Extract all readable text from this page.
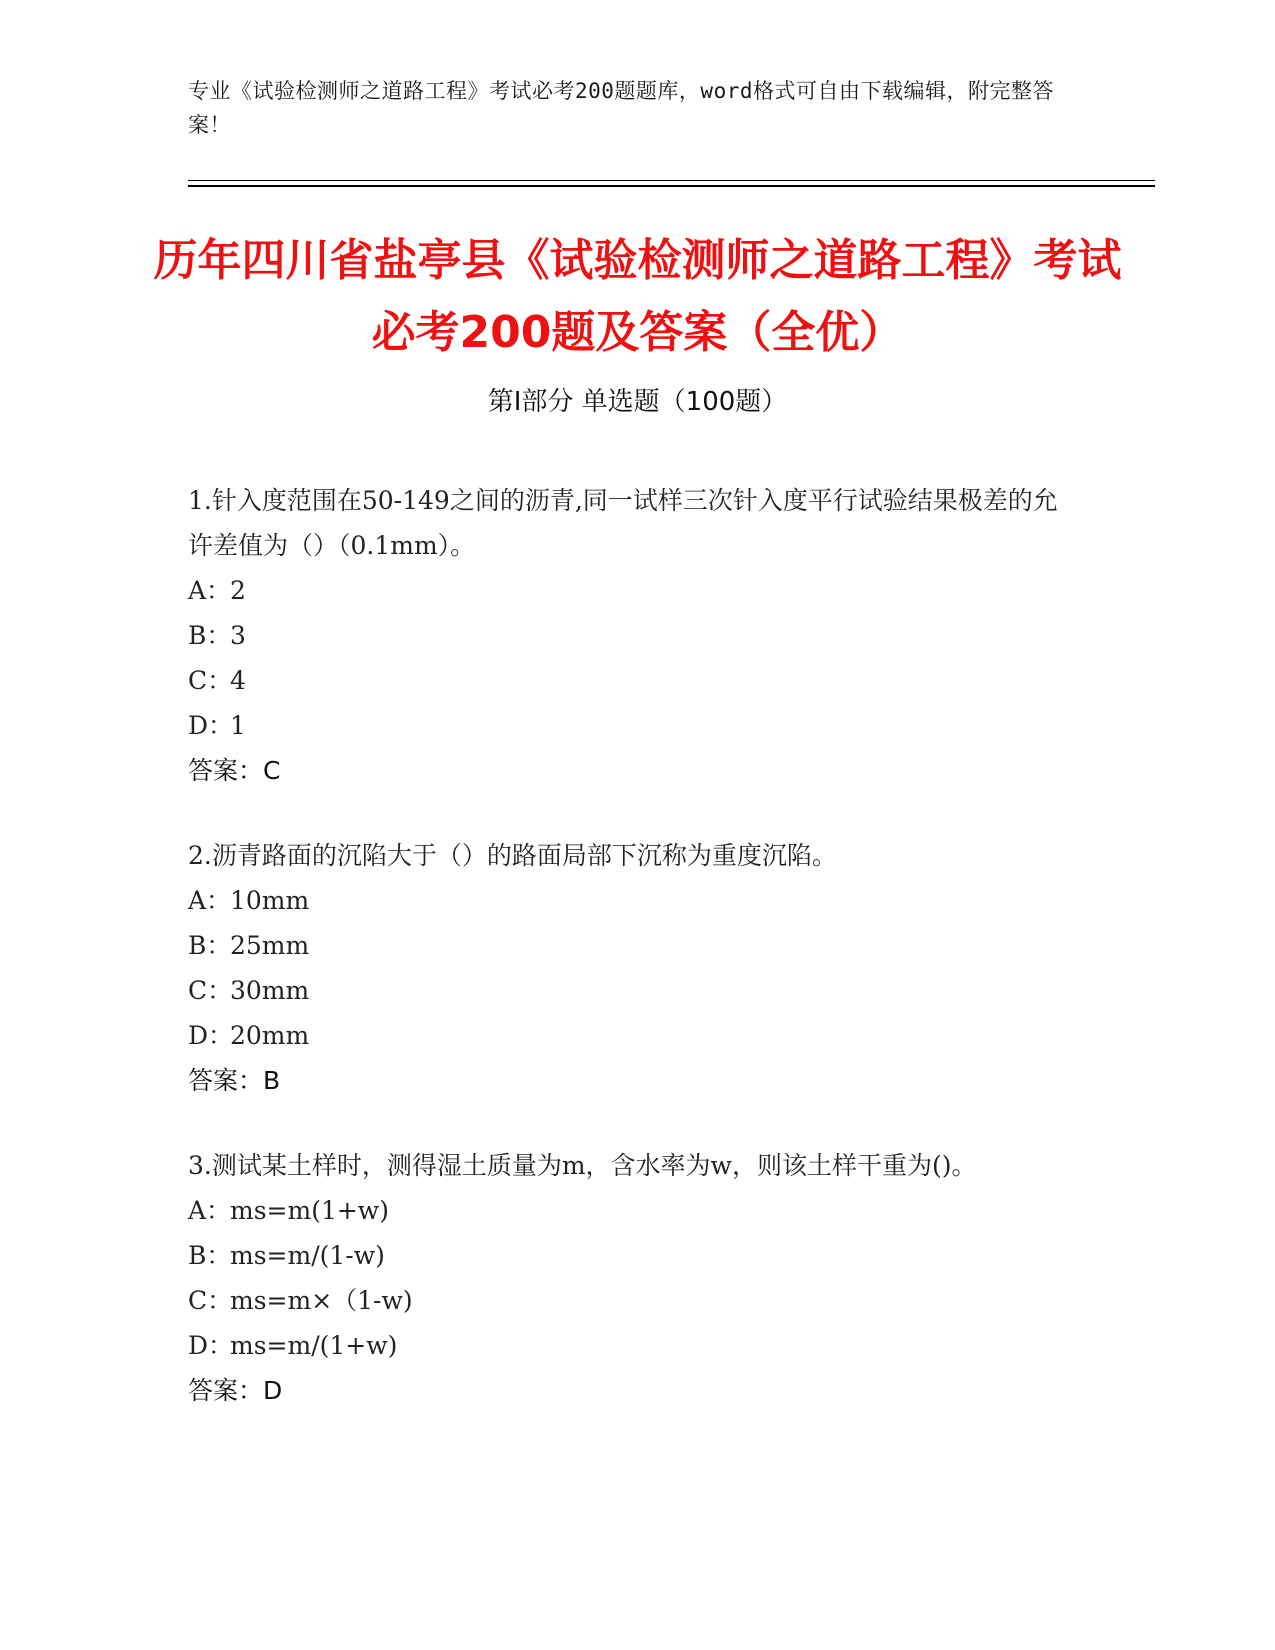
专业《试验检测师之道路工程》考试必考200题题库，word格式可自由下载编辑，附完整答案！
历年四川省盐亭县《试验检测师之道路工程》考试必考200题及答案（全优）
第Ⅰ部分 单选题（100题）

1.针入度范围在50-149之间的沥青,同一试样三次针入度平行试验结果极差的允许差值为（）（0.1mm）。

A：2
B：3
C：4
D：1
答案：C

2.沥青路面的沉陷大于（）的路面局部下沉称为重度沉陷。

A：10mm
B：25mm
C：30mm
D：20mm
答案：B

3.测试某土样时，测得湿土质量为m，含水率为w，则该土样干重为()。

A：ms=m(1+w)
B：ms=m/(1-w)
C：ms=m×（1-w)
D：ms=m/(1+w)
答案：D
